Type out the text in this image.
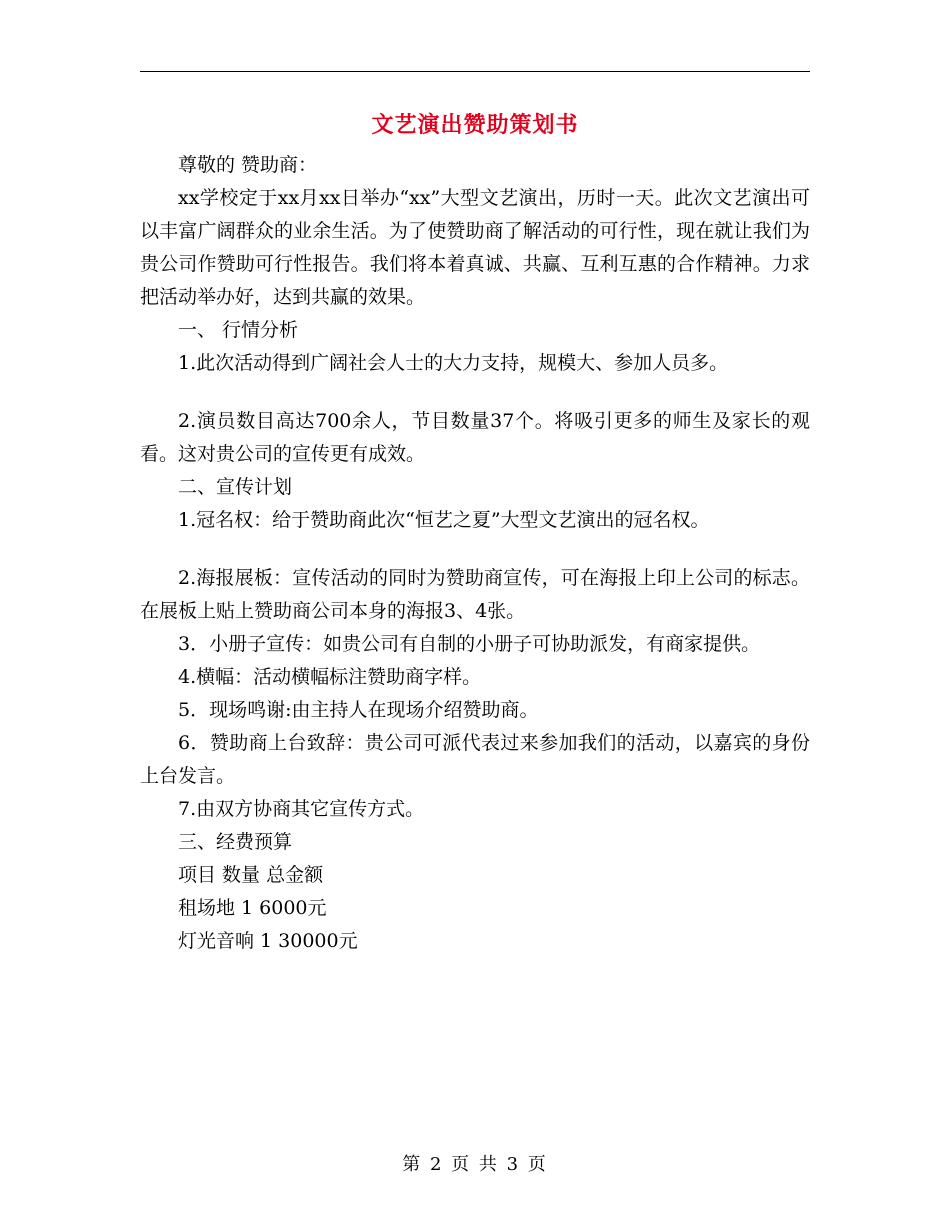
文艺演出赞助策划书

尊敬的 赞助商：

xx学校定于xx月xx日举办“xx”大型文艺演出，历时一天。此次文艺演出可以丰富广阔群众的业余生活。为了使赞助商了解活动的可行性，现在就让我们为贵公司作赞助可行性报告。我们将本着真诚、共赢、互利互惠的合作精神。力求把活动举办好，达到共赢的效果。

一、 行情分析

1.此次活动得到广阔社会人士的大力支持，规模大、参加人员多。

2.演员数目高达700余人，节目数量37个。将吸引更多的师生及家长的观看。这对贵公司的宣传更有成效。

二、宣传计划

1.冠名权：给于赞助商此次“恒艺之夏”大型文艺演出的冠名权。

2.海报展板：宣传活动的同时为赞助商宣传，可在海报上印上公司的标志。在展板上贴上赞助商公司本身的海报3、4张。

3．小册子宣传：如贵公司有自制的小册子可协助派发，有商家提供。

4.横幅：活动横幅标注赞助商字样。

5．现场鸣谢:由主持人在现场介绍赞助商。

6．赞助商上台致辞：贵公司可派代表过来参加我们的活动，以嘉宾的身份上台发言。

7.由双方协商其它宣传方式。

三、经费预算

项目 数量 总金额

租场地 1 6000元

灯光音响 1 30000元

第 2 页 共 3 页
